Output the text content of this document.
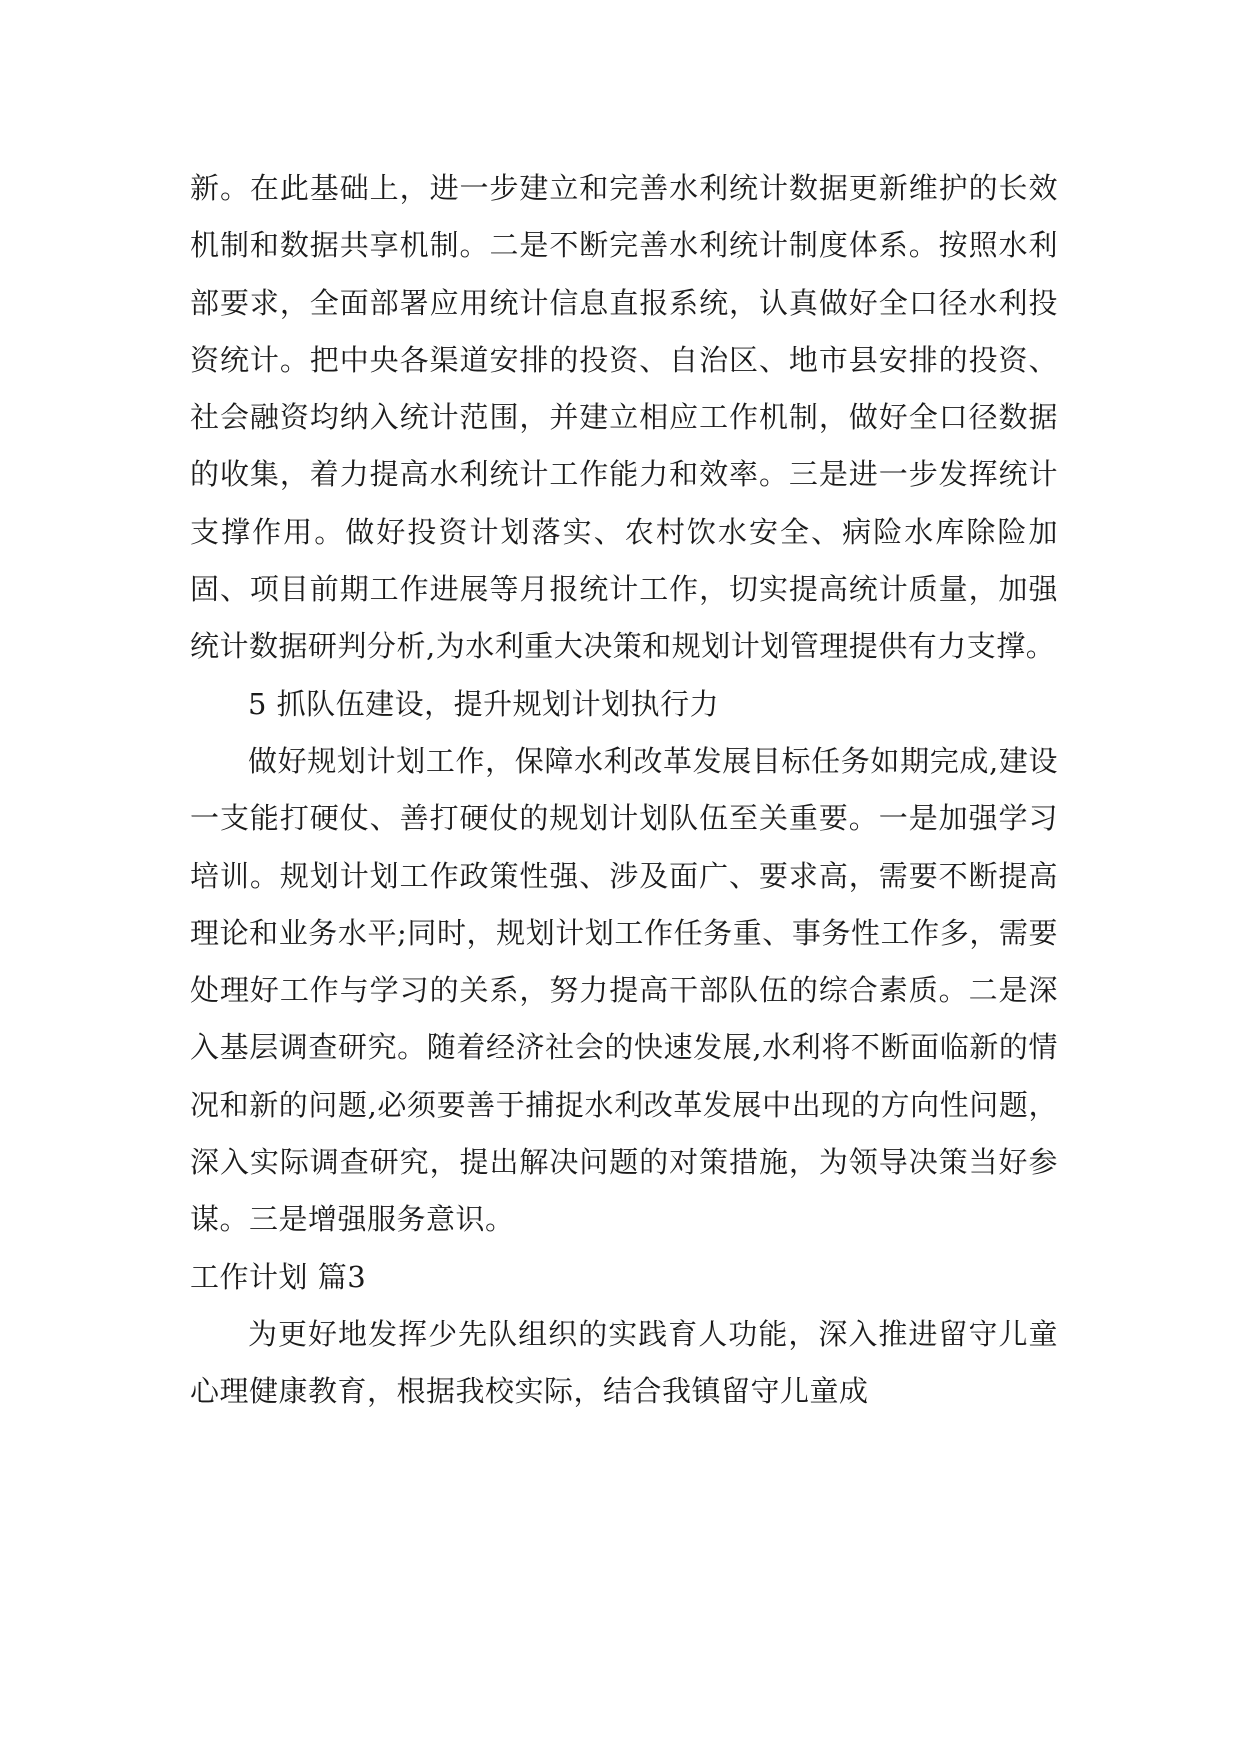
新。在此基础上，进一步建立和完善水利统计数据更新维护的长效机制和数据共享机制。二是不断完善水利统计制度体系。按照水利部要求，全面部署应用统计信息直报系统，认真做好全口径水利投资统计。把中央各渠道安排的投资、自治区、地市县安排的投资、社会融资均纳入统计范围，并建立相应工作机制，做好全口径数据的收集，着力提高水利统计工作能力和效率。三是进一步发挥统计支撑作用。做好投资计划落实、农村饮水安全、病险水库除险加固、项目前期工作进展等月报统计工作，切实提高统计质量，加强统计数据研判分析,为水利重大决策和规划计划管理提供有力支撑。

5 抓队伍建设，提升规划计划执行力

做好规划计划工作，保障水利改革发展目标任务如期完成,建设一支能打硬仗、善打硬仗的规划计划队伍至关重要。一是加强学习培训。规划计划工作政策性强、涉及面广、要求高，需要不断提高理论和业务水平;同时，规划计划工作任务重、事务性工作多，需要处理好工作与学习的关系，努力提高干部队伍的综合素质。二是深入基层调查研究。随着经济社会的快速发展,水利将不断面临新的情况和新的问题,必须要善于捕捉水利改革发展中出现的方向性问题，深入实际调查研究，提出解决问题的对策措施，为领导决策当好参谋。三是增强服务意识。

工作计划 篇3

为更好地发挥少先队组织的实践育人功能，深入推进留守儿童心理健康教育，根据我校实际，结合我镇留守儿童成
